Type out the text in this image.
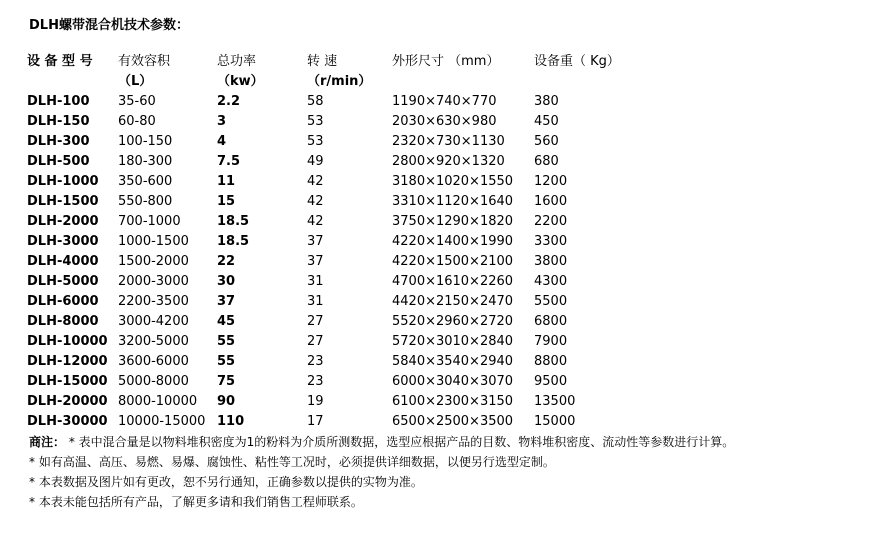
DLH螺带混合机技术参数：
设 备 型 号	有效容积	总功率	转 速	外形尺寸 （mm）	设备重（ Kg）
	（L）	（kw）	（r/min）		
DLH-100	35-60	2.2	58	1190×740×770	380
DLH-150	60-80	3	53	2030×630×980	450
DLH-300	100-150	4	53	2320×730×1130	560
DLH-500	180-300	7.5	49	2800×920×1320	680
DLH-1000	350-600	11	42	3180×1020×1550	1200
DLH-1500	550-800	15	42	3310×1120×1640	1600
DLH-2000	700-1000	18.5	42	3750×1290×1820	2200
DLH-3000	1000-1500	18.5	37	4220×1400×1990	3300
DLH-4000	1500-2000	22	37	4220×1500×2100	3800
DLH-5000	2000-3000	30	31	4700×1610×2260	4300
DLH-6000	2200-3500	37	31	4420×2150×2470	5500
DLH-8000	3000-4200	45	27	5520×2960×2720	6800
DLH-10000	3200-5000	55	27	5720×3010×2840	7900
DLH-12000	3600-6000	55	23	5840×3540×2940	8800
DLH-15000	5000-8000	75	23	6000×3040×3070	9500
DLH-20000	8000-10000	90	19	6100×2300×3150	13500
DLH-30000	10000-15000	110	17	6500×2500×3500	15000
商注： * 表中混合量是以物料堆积密度为1的粉料为介质所测数据，选型应根据产品的目数、物料堆积密度、流动性等参数进行计算。
* 如有高温、高压、易燃、易爆、腐蚀性、粘性等工况时，必须提供详细数据，以便另行选型定制。
* 本表数据及图片如有更改，恕不另行通知，正确参数以提供的实物为准。
* 本表未能包括所有产品，了解更多请和我们销售工程师联系。
